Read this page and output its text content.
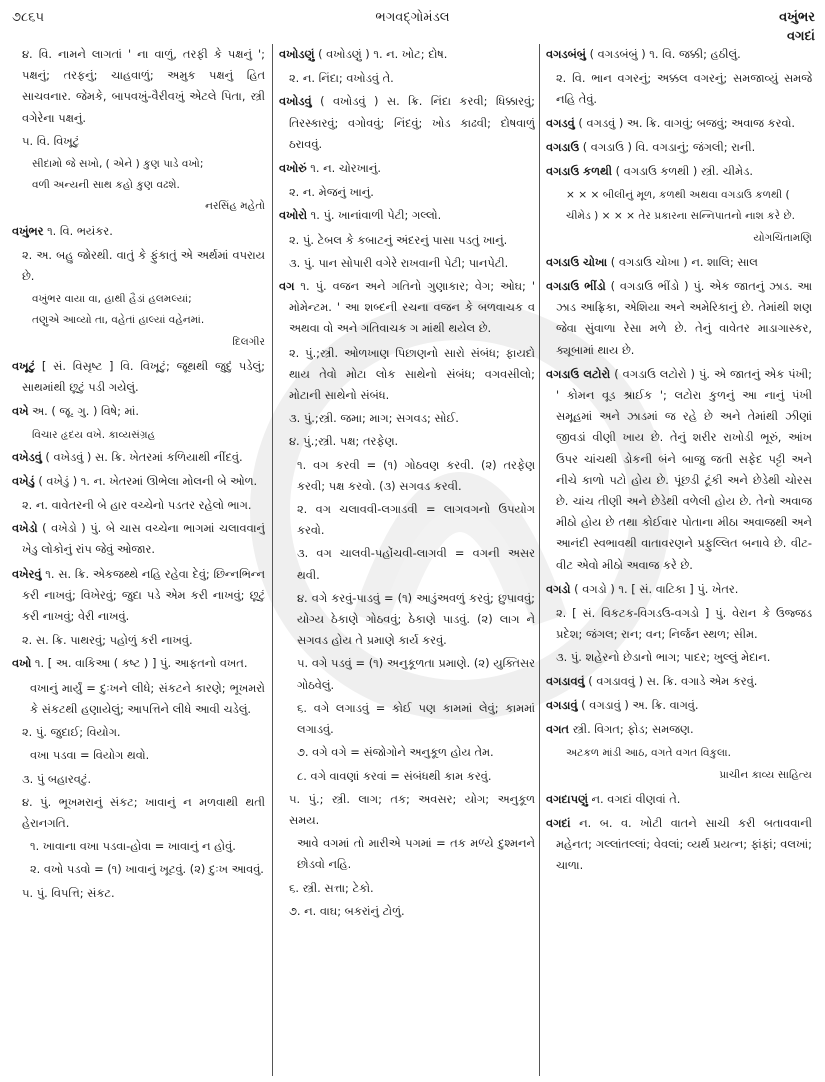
૭૮૬૫	ભગવદ્ગોમંડલ	વખુંભર
વગદાં

૪. વિ. નામને લાગતાં ' ના વાળું, તરફી કે પક્ષનું '; પક્ષનું; તરફનું; ચાહવાળું; અમુક પક્ષનું હિત સાચવનાર. જેમકે, બાપવખું-વૈરીવખું એટલે પિતા, સ્ત્રી વગેરેના પક્ષનું.

૫. વિ. વિખૂટું

સીદામો જે સખો, ( એને ) કુણ પાડે વખો;

વળી અન્યની સાથ કહો કુણ વઢશે.

નરસિંહ મહેતો

વખુંભર ૧. વિ. ભયંકર.

૨. અ. બહુ જોરથી. વાતું કે ફુંકાતું એ અર્થમાં વપરાય છે.

વખુંભર વાયા વા, હાથી હૈડાં હલમલ્યાં;

તણુએ આવ્યો તા, વહેતાં હાલ્યાં વહેનમાં.

દિલગીર

વખૂટું [ સં. વિસૃષ્ટ ] વિ. વિખૂટું; જૂથથી જુદું પડેલું; સાથમાંથી છૂટું પડી ગયેલું.

વખે અ. ( જૂ. ગુ. ) વિષે; માં.

વિચાર હૃદય વખે. કાવ્યસંગ્રહ

વખેડવું ( વખેડવું ) સ. ક્રિ. ખેતરમાં કળિયાથી નીંદવું.

વખેડું ( વખેડું ) ૧. ન. ખેતરમાં ઊભેલા મોલની બે ઓળ.

૨. ન. વાવેતરની બે હાર વચ્ચેનો પડતર રહેલો ભાગ.

વખેડો ( વખેડો ) પું. બે ચાસ વચ્ચેના ભાગમાં ચલાવવાનું ખેડુ લોકોનું રાંપ જેવું ઓજાર.

વખેરવું ૧. સ. ક્રિ. એકજથ્થે નહિ રહેવા દેવું; છિન્નભિન્ન કરી નાખવું; વિખેરવું; જુદા પડે એમ કરી નાખવું; છૂટું કરી નાખવું; વેરી નાખવું.

૨. સ. ક્રિ. પાથરવું; પહોળું કરી નાખવું.

વખો ૧. [ અ. વાકિઆ ( કષ્ટ ) ] પું. આફતનો વખત.

વખાનું માર્યું = દુઃખને લીધે; સંકટને કારણે; ભૂખમરો કે સંકટથી હણાયેલું; આપત્તિને લીધે આવી ચડેલું.

૨. પું. જુદાઈ; વિયોગ.

વખા પડવા = વિયોગ થવો.

૩. પું બહારવટું.

૪. પું. ભૂખમરાનું સંકટ; ખાવાનું ન મળવાથી થતી હેરાનગતિ.

૧. ખાવાના વખા પડવા-હોવા = ખાવાનું ન હોવું.

૨. વખો પડવો = (૧) ખાવાનું ખૂટવું. (૨) દુઃખ આવવું.

૫. પું. વિપત્તિ; સંકટ.

વખોડણું ( વખોડણું ) ૧. ન. ખોટ; દોષ.

૨. ન. નિંદા; વખોડવું તે.

વખોડવું ( વખોડવું ) સ. ક્રિ. નિંદા કરવી; ધિક્કારવું; તિરસ્કારવું; વગોવવું; નિંદવું; ખોડ કાઢવી; દોષવાળું ઠરાવવું.

વખોરું ૧. ન. ચોરખાનું.

૨. ન. મેજનું ખાનું.

વખોરો ૧. પું. ખાનાંવાળી પેટી; ગલ્લો.

૨. પું. ટેબલ કે કબાટનું અંદરનું પાસા પડતું ખાનું.

૩. પું. પાન સોપારી વગેરે રાખવાની પેટી; પાનપેટી.

વગ ૧. પું. વજન અને ગતિનો ગુણાકાર; વેગ; ઓઘ; ' મોમેન્ટમ. ' આ શબ્દની રચના વજન કે બળવાચક વ અથવા વો અને ગતિવાચક ગ માંથી થયેલ છે.

૨. પું.;સ્ત્રી. ઓળખાણ પિછાણનો સારો સંબંધ; ફાયદો થાય તેવો મોટા લોક સાથેનો સંબંધ; વગવસીલો; મોટાની સાથેનો સંબંધ.

૩. પું.;સ્ત્રી. જમા; માગ; સગવડ; સોઈ.

૪. પું.;સ્ત્રી. પક્ષ; તરફેણ.

૧. વગ કરવી = (૧) ગોઠવણ કરવી. (૨) તરફેણ કરવી; પક્ષ કરવો. (૩) સગવડ કરવી.

૨. વગ ચલાવવી-લગાડવી = લાગવગનો ઉપયોગ કરવો.

૩. વગ ચાલવી-પહોંચવી-લાગવી = વગની અસર થવી.

૪. વગે કરવું-પાડવું = (૧) આડુંઅવળું કરવું; છુપાવવું; યોગ્ય ઠેકાણે ગોઠવવું; ઠેકાણે પાડવું. (૨) લાગ ને સગવડ હોય તે પ્રમાણે કાર્ય કરવું.

૫. વગે પડવું = (૧) અનુકૂળતા પ્રમાણે. (૨) યુક્તિસર ગોઠવેલું.

૬. વગે લગાડવું = કોઈ પણ કામમાં લેવું; કામમાં લગાડવું.

૭. વગે વગે = સંજોગોને અનુકૂળ હોય તેમ.

૮. વગે વાવણાં કરવાં = સંબંધથી કામ કરવું.

૫. પું.; સ્ત્રી. લાગ; તક; અવસર; યોગ; અનુકૂળ સમય.

આવે વગમાં તો મારીએ પગમાં = તક મળ્યે દુશ્મનને છોડવો નહિ.

૬. સ્ત્રી. સત્તા; ટેકો.

૭. ન. વાઘ; બકરાંનું ટોળું.

વગડબંબું ( વગડબંબું ) ૧. વિ. જક્કી; હઠીલું.

૨. વિ. ભાન વગરનું; અક્કલ વગરનું; સમજાવ્યું સમજે નહિ તેવું.

વગડવું ( વગડવું ) અ. ક્રિ. વાગવું; બજવું; અવાજ કરવો.

વગડાઉ ( વગડાઉ ) વિ. વગડાનું; જંગલી; રાની.

વગડાઉ કળથી ( વગડાઉ કળથી ) સ્ત્રી. ચીમેડ.

× × × બીલીનું મૂળ, કળથી અથવા વગડાઉ કળથી ( ચીમેડ ) × × × તેર પ્રકારના સન્નિપાતનો નાશ કરે છે.

યોગચિંતામણિ

વગડાઉ ચોખા ( વગડાઉ ચોખા ) ન. શાલિ; સાલ

વગડાઉ ભીંડો ( વગડાઉ ભીંડો ) પું. એક જાતનું ઝાડ. આ ઝાડ આફ્રિકા, એશિયા અને અમેરિકાનું છે. તેમાંથી શણ જેવા સુંવાળા રેસા મળે છે. તેનું વાવેતર માડાગાસ્કર, ક્યૂબામાં થાય છે.

વગડાઉ લટોરો ( વગડાઉ લટોરો ) પું. એ જાતનું એક પંખી; ' કોમન વૂડ શ્રાઈક '; લટોરા કુળનું આ નાનું પંખી સમૂહમાં અને ઝાડમાં જ રહે છે અને તેમાંથી ઝીણાં જીવડાં વીણી ખાય છે. તેનું શરીર રાખોડી ભૂરું, આંખ ઉપર ચાંચથી ડોકની બંને બાજુ જતી સફેદ પટ્ટી અને નીચે કાળો પટો હોય છે. પૂંછડી ટૂંકી અને છેડેથી ચોરસ છે. ચાંચ તીણી અને છેડેથી વળેલી હોય છે. તેનો અવાજ મીઠો હોય છે તથા કોઈવાર પોતાના મીઠા અવાજથી અને આનંદી સ્વભાવથી વાતાવરણને પ્રફુલ્લિત બનાવે છે. વીટ-વીટ એવો મીઠો અવાજ કરે છે.

વગડો ( વગડો ) ૧. [ સં. વાટિકા ] પું. ખેતર.

૨. [ સં. વિકટક-વિગડઉ-વગડો ] પું. વેરાન કે ઉજ્જડ પ્રદેશ; જંગલ; રાન; વન; નિર્જન સ્થળ; સીમ.

૩. પું. શહેરનો છેડાનો ભાગ; પાદર; ખુલ્લું મેદાન.

વગડાવવું ( વગડાવવું ) સ. ક્રિ. વગાડે એમ કરવું.

વગડાવું ( વગડાવું ) અ. ક્રિ. વાગવું.

વગત સ્ત્રી. વિગત; ફોડ; સમજણ.

અટકળ માંડી આઠ, વગતે વગત વિકુલા.

પ્રાચીન કાવ્ય સાહિત્ય

વગદાપણું ન. વગદાં વીણવાં તે.

વગદાં ન. બ. વ. ખોટી વાતને સાચી કરી બતાવવાની મહેનત; ગલ્લાંતલ્લાં; વેવલાં; વ્યર્થ પ્રયત્ન; ફાંફાં; વલખાં; ચાળા.
